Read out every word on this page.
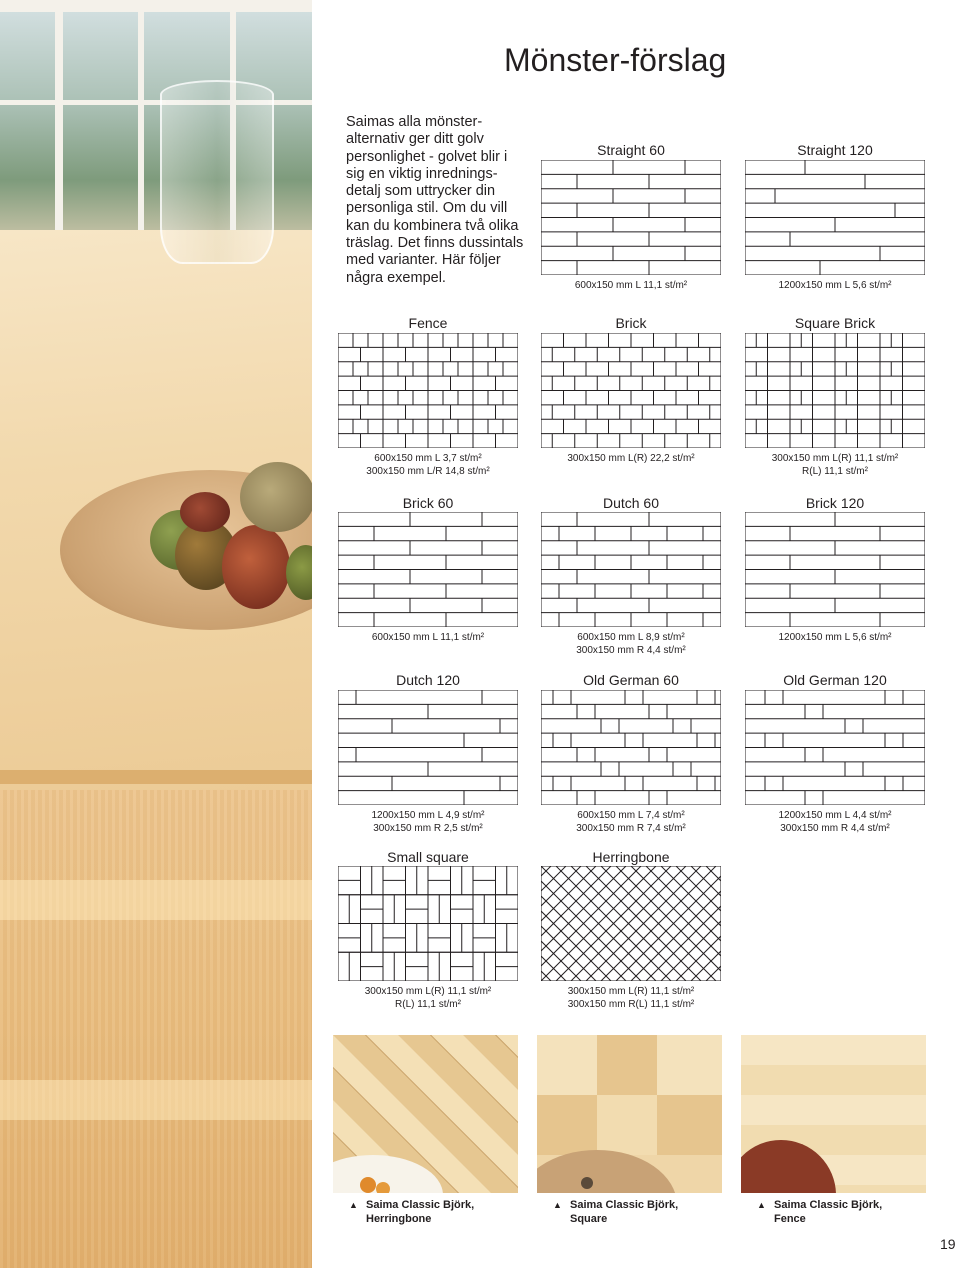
Mönster-förslag

Saimas alla mönster-alternativ ger ditt golv personlighet - golvet blir i sig en viktig inrednings-detalj som uttrycker din personliga stil. Om du vill kan du kombinera två olika träslag. Det finns dussintals med varianter. Här följer några exempel.

Straight 60
600x150 mm L 11,1 st/m²
Straight 120
1200x150 mm L 5,6 st/m²
Fence
600x150 mm L 3,7 st/m²
300x150 mm L/R 14,8 st/m²
Brick
300x150 mm L(R) 22,2 st/m²
Square Brick
300x150 mm L(R) 11,1 st/m²
R(L) 11,1 st/m²
Brick 60
600x150 mm L 11,1 st/m²
Dutch 60
600x150 mm L 8,9 st/m²
300x150 mm R 4,4 st/m²
Brick 120
1200x150 mm L 5,6 st/m²
Dutch 120
1200x150 mm L 4,9 st/m²
300x150 mm R 2,5 st/m²
Old German 60
600x150 mm L 7,4 st/m²
300x150 mm R 7,4 st/m²
Old German 120
1200x150 mm L 4,4 st/m²
300x150 mm R 4,4 st/m²
Small square
300x150 mm L(R) 11,1 st/m²
R(L) 11,1 st/m²
Herringbone
300x150 mm L(R) 11,1 st/m²
300x150 mm R(L) 11,1 st/m²
▲ Saima Classic Björk,
Herringbone
▲ Saima Classic Björk,
Square
▲ Saima Classic Björk,
Fence
19
